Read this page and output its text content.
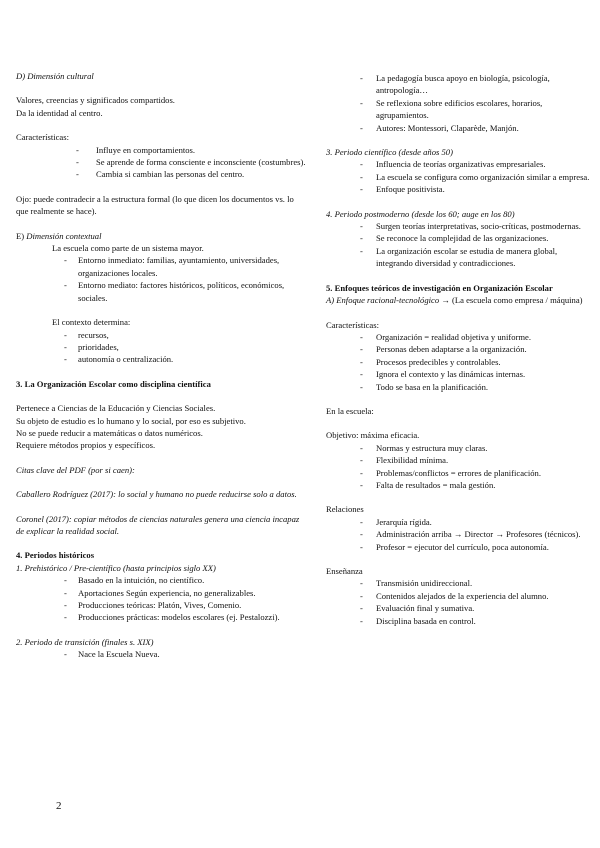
D) Dimensión cultural

Valores, creencias y significados compartidos.

Da la identidad al centro.

Características:

- Influye en comportamientos.
- Se aprende de forma consciente e inconsciente (costumbres).
- Cambia si cambian las personas del centro.

Ojo: puede contradecir a la estructura formal (lo que dicen los documentos vs. lo que realmente se hace).

E) Dimensión contextual

La escuela como parte de un sistema mayor.

- Entorno inmediato: familias, ayuntamiento, universidades, organizaciones locales.
- Entorno mediato: factores históricos, políticos, económicos, sociales.

El contexto determina:

- recursos,
- prioridades,
- autonomía o centralización.

3. La Organización Escolar como disciplina científica

Pertenece a Ciencias de la Educación y Ciencias Sociales.

Su objeto de estudio es lo humano y lo social, por eso es subjetivo.

No se puede reducir a matemáticas o datos numéricos.

Requiere métodos propios y específicos.

Citas clave del PDF (por si caen):

Caballero Rodríguez (2017): lo social y humano no puede reducirse solo a datos.

Coronel (2017): copiar métodos de ciencias naturales genera una ciencia incapaz de explicar la realidad social.

4. Periodos históricos

1. Prehistórico / Pre-científico (hasta principios siglo XX)

- Basado en la intuición, no científico.
- Aportaciones Según experiencia, no generalizables.
- Producciones teóricas: Platón, Vives, Comenio.
- Producciones prácticas: modelos escolares (ej. Pestalozzi).

2. Periodo de transición (finales s. XIX)

- Nace la Escuela Nueva.
- La pedagogía busca apoyo en biología, psicología, antropología…
- Se reflexiona sobre edificios escolares, horarios, agrupamientos.
- Autores: Montessori, Claparède, Manjón.

3. Periodo científico (desde años 50)

- Influencia de teorías organizativas empresariales.
- La escuela se configura como organización similar a empresa.
- Enfoque positivista.

4. Periodo postmoderno (desde los 60; auge en los 80)

- Surgen teorías interpretativas, socio-críticas, postmodernas.
- Se reconoce la complejidad de las organizaciones.
- La organización escolar se estudia de manera global, integrando diversidad y contradicciones.

5. Enfoques teóricos de investigación en Organización Escolar

A) Enfoque racional-tecnológico → (La escuela como empresa / máquina)

Características:

- Organización = realidad objetiva y uniforme.
- Personas deben adaptarse a la organización.
- Procesos predecibles y controlables.
- Ignora el contexto y las dinámicas internas.
- Todo se basa en la planificación.

En la escuela:

Objetivo: máxima eficacia.

- Normas y estructura muy claras.
- Flexibilidad mínima.
- Problemas/conflictos = errores de planificación.
- Falta de resultados = mala gestión.

Relaciones

- Jerarquía rígida.
- Administración arriba → Director → Profesores (técnicos).
- Profesor = ejecutor del currículo, poca autonomía.

Enseñanza

- Transmisión unidireccional.
- Contenidos alejados de la experiencia del alumno.
- Evaluación final y sumativa.
- Disciplina basada en control.
2
